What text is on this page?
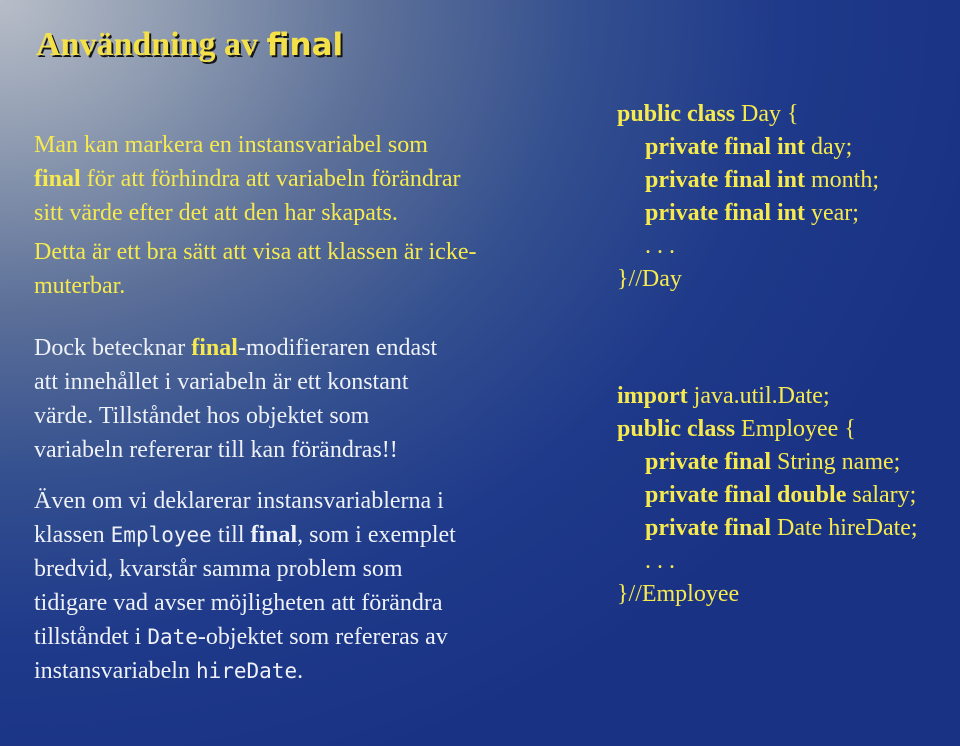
Användning av final

Man kan markera en instansvariabel som
final för att förhindra att variabeln förändrar
sitt värde efter det att den har skapats.

Detta är ett bra sätt att visa att klassen är icke-
muterbar.

Dock betecknar final-modifieraren endast
att innehållet i variabeln är ett konstant
värde. Tillståndet hos objektet som
variabeln refererar till kan förändras!!

Även om vi deklarerar instansvariablerna i
klassen Employee till final, som i exemplet
bredvid, kvarstår samma problem som
tidigare vad avser möjligheten att förändra
tillståndet i Date-objektet som refereras av
instansvariabeln hireDate.

public class Day {
private final int day;
private final int month;
private final int year;
. . .
}//Day
import java.util.Date;
public class Employee {
private final String name;
private final double salary;
private final Date hireDate;
. . .
}//Employee
